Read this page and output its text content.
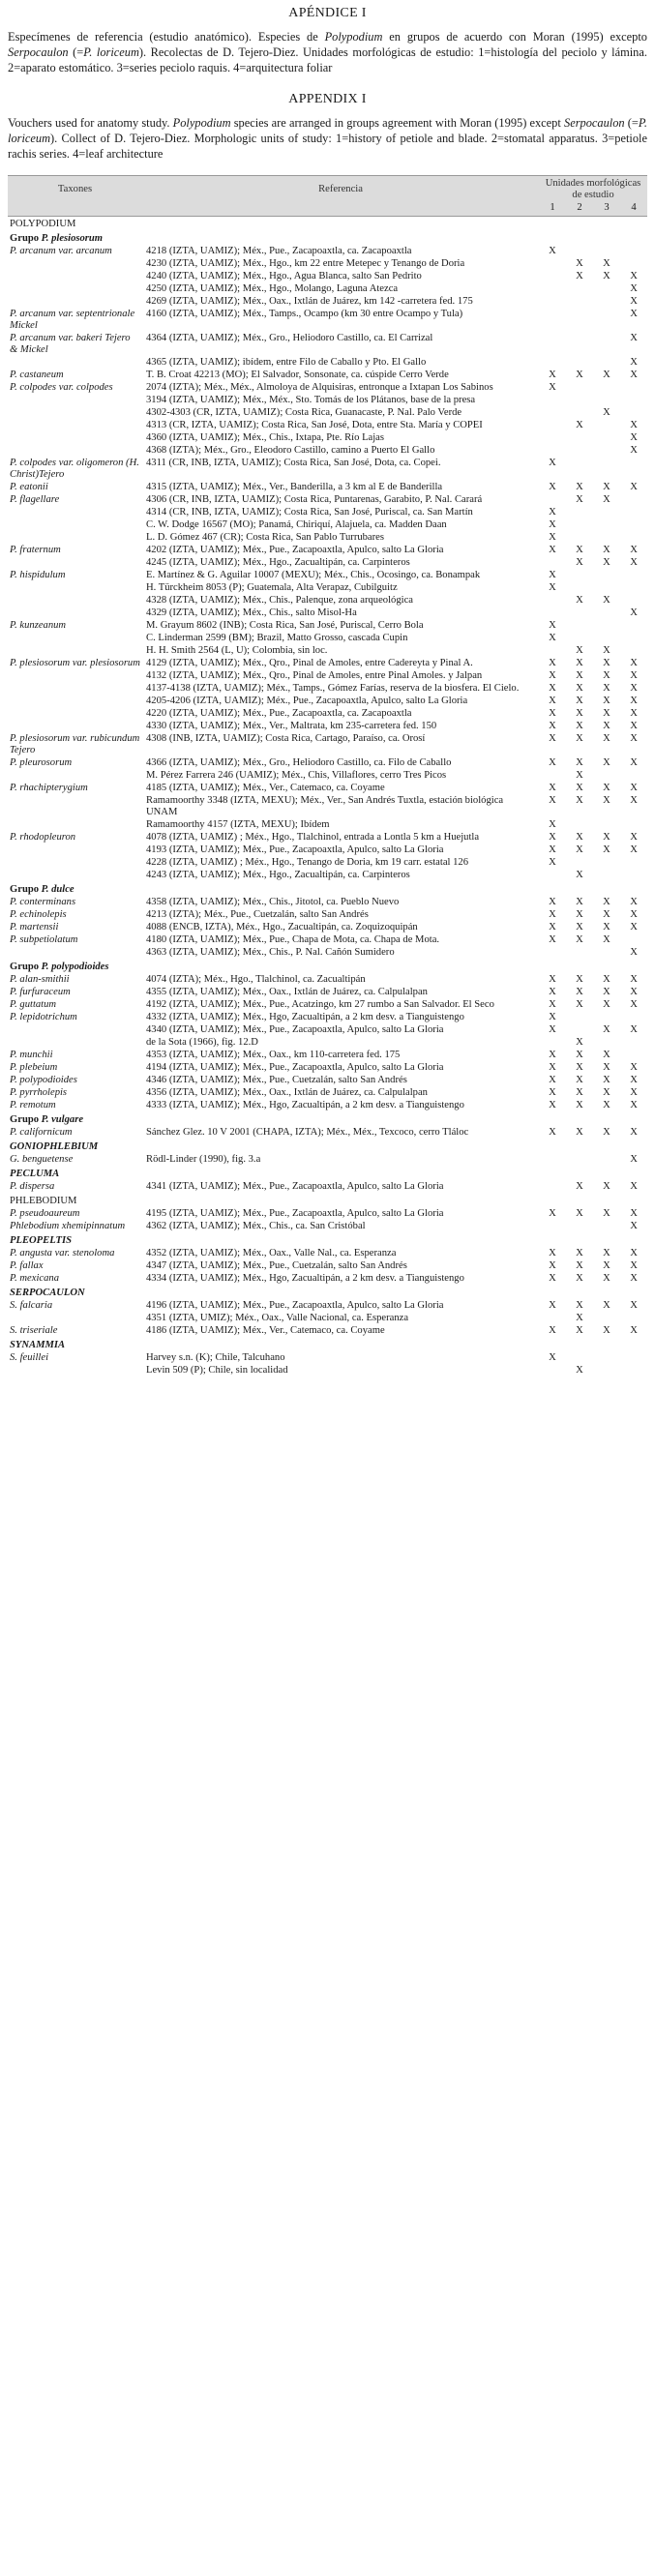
APÉNDICE I

Especímenes de referencia (estudio anatómico). Especies de Polypodium en grupos de acuerdo con Moran (1995) excepto Serpocaulon (=P. loriceum). Recolectas de D. Tejero-Diez. Unidades morfológicas de estudio: 1=histología del peciolo y lámina. 2=aparato estomático. 3=series peciolo raquis. 4=arquitectura foliar

APPENDIX I

Vouchers used for anatomy study. Polypodium species are arranged in groups agreement with Moran (1995) except Serpocaulon (=P. loriceum). Collect of D. Tejero-Diez. Morphologic units of study: 1=history of petiole and blade. 2=stomatal apparatus. 3=petiole rachis series. 4=leaf architecture

Taxones	Referencia	Unidades morfológicas de estudio			
		1	2	3	4
POLYPODIUM					
Grupo P. plesiosorum					
P. arcanum var. arcanum	4218 (IZTA, UAMIZ); Méx., Pue., Zacapoaxtla, ca. Zacapoaxtla	X			
	4230 (IZTA, UAMIZ); Méx., Hgo., km 22 entre Metepec y Tenango de Doria		X	X	
	4240 (IZTA, UAMIZ); Méx., Hgo., Agua Blanca, salto San Pedrito		X	X	X
	4250 (IZTA, UAMIZ); Méx., Hgo., Molango, Laguna Atezca				X
	4269 (IZTA, UAMIZ); Méx., Oax., Ixtlán de Juárez, km 142 -carretera fed. 175				X
P. arcanum var. septentrionale Mickel	4160 (IZTA, UAMIZ); Méx., Tamps., Ocampo (km 30 entre Ocampo y Tula)				X
P. arcanum var. bakeri Tejero & Mickel	4364 (IZTA, UAMIZ); Méx., Gro., Heliodoro Castillo, ca. El Carrizal				X
	4365 (IZTA, UAMIZ); ibídem, entre Filo de Caballo y Pto. El Gallo				X
P. castaneum	T. B. Croat 42213 (MO); El Salvador, Sonsonate, ca. cúspide Cerro Verde	X	X	X	X
P. colpodes var. colpodes	2074 (IZTA); Méx., Méx., Almoloya de Alquisiras, entronque a Ixtapan Los Sabinos	X			
	3194 (IZTA, UAMIZ); Méx., Méx., Sto. Tomás de los Plátanos, base de la presa				
	4302-4303 (CR, IZTA, UAMIZ); Costa Rica, Guanacaste, P. Nal. Palo Verde			X	
	4313 (CR, IZTA, UAMIZ); Costa Rica, San José, Dota, entre Sta. María y COPEI		X		X
	4360 (IZTA, UAMIZ); Méx., Chis., Ixtapa, Pte. Río Lajas				X
	4368 (IZTA); Méx., Gro., Eleodoro Castillo, camino a Puerto El Gallo				X
P. colpodes var. oligomeron (H. Christ)Tejero	4311 (CR, INB, IZTA, UAMIZ); Costa Rica, San José, Dota, ca. Copei.	X			
P. eatonii	4315 (IZTA, UAMIZ); Méx., Ver., Banderilla, a 3 km al E de Banderilla	X	X	X	X
P. flagellare	4306 (CR, INB, IZTA, UAMIZ); Costa Rica, Puntarenas, Garabito, P. Nal. Carará		X	X	
	4314 (CR, INB, IZTA, UAMIZ); Costa Rica, San José, Puriscal, ca. San Martín	X			
	C. W. Dodge 16567 (MO); Panamá, Chiriquí, Alajuela, ca. Madden Daan	X			
	L. D. Gómez 467 (CR); Costa Rica, San Pablo Turrubares	X			
P. fraternum	4202 (IZTA, UAMIZ); Méx., Pue., Zacapoaxtla, Apulco, salto La Gloria	X	X	X	X
	4245 (IZTA, UAMIZ); Méx., Hgo., Zacualtipán, ca. Carpinteros		X	X	X
P. hispidulum	E. Martínez & G. Aguilar 10007 (MEXU); Méx., Chis., Ocosingo, ca. Bonampak	X			
	H. Türckheim 8053 (P); Guatemala, Alta Verapaz, Cubilguitz	X			
	4328 (IZTA, UAMIZ); Méx., Chis., Palenque, zona arqueológica		X	X	
	4329 (IZTA, UAMIZ); Méx., Chis., salto Misol-Ha				X
P. kunzeanum	M. Grayum 8602 (INB); Costa Rica, San José, Puriscal, Cerro Bola	X			
	C. Linderman 2599 (BM); Brazil, Matto Grosso, cascada Cupin	X			
	H. H. Smith 2564 (L, U); Colombia, sin loc.		X	X	
P. plesiosorum var. plesiosorum	4129 (IZTA, UAMIZ); Méx., Qro., Pinal de Amoles, entre Cadereyta y Pinal A.	X	X	X	X
	4132 (IZTA, UAMIZ); Méx., Qro., Pinal de Amoles, entre Pinal Amoles. y Jalpan	X	X	X	X
	4137-4138 (IZTA, UAMIZ); Méx., Tamps., Gómez Farías, reserva de la biosfera. El Cielo.	X	X	X	X
	4205-4206 (IZTA, UAMIZ); Méx., Pue., Zacapoaxtla, Apulco, salto La Gloria	X	X	X	X
	4220 (IZTA, UAMIZ); Méx., Pue., Zacapoaxtla, ca. Zacapoaxtla	X	X	X	X
	4330 (IZTA, UAMIZ); Méx., Ver., Maltrata, km 235-carretera fed. 150	X	X	X	X
P. plesiosorum var. rubicundum Tejero	4308 (INB, IZTA, UAMIZ); Costa Rica, Cartago, Paraíso, ca. Orosí	X	X	X	X
P. pleurosorum	4366 (IZTA, UAMIZ); Méx., Gro., Heliodoro Castillo, ca. Filo de Caballo	X	X	X	X
	M. Pérez Farrera 246 (UAMIZ); Méx., Chis, Villaflores, cerro Tres Picos		X		
P. rhachipterygium	4185 (IZTA, UAMIZ); Méx., Ver., Catemaco, ca. Coyame	X	X	X	X
	Ramamoorthy 3348 (IZTA, MEXU); Méx., Ver., San Andrés Tuxtla, estación biológica UNAM	X	X	X	X
	Ramamoorthy 4157 (IZTA, MEXU); Ibídem	X			
P. rhodopleuron	4078 (IZTA, UAMIZ) ; Méx., Hgo., Tlalchinol, entrada a Lontla 5 km a Huejutla	X	X	X	X
	4193 (IZTA, UAMIZ); Méx., Pue., Zacapoaxtla, Apulco, salto La Gloria	X	X	X	X
	4228 (IZTA, UAMIZ) ; Méx., Hgo., Tenango de Doria, km 19 carr. estatal 126	X			
	4243 (IZTA, UAMIZ); Méx., Hgo., Zacualtipán, ca. Carpinteros		X		
Grupo P. dulce					
P. conterminans	4358 (IZTA, UAMIZ); Méx., Chis., Jitotol, ca. Pueblo Nuevo	X	X	X	X
P. echinolepis	4213 (IZTA); Méx., Pue., Cuetzalán, salto San Andrés	X	X	X	X
P. martensii	4088 (ENCB, IZTA), Méx., Hgo., Zacualtipán, ca. Zoquizoquipán	X	X	X	X
P. subpetiolatum	4180 (IZTA, UAMIZ); Méx., Pue., Chapa de Mota, ca. Chapa de Mota.	X	X	X	
	4363 (IZTA, UAMIZ); Méx., Chis., P. Nal. Cañón Sumidero				X
Grupo P. polypodioides					
P. alan-smithii	4074 (IZTA); Méx., Hgo., Tlalchinol, ca. Zacualtipán	X	X	X	X
P. furfuraceum	4355 (IZTA, UAMIZ); Méx., Oax., Ixtlán de Juárez, ca. Calpulalpan	X	X	X	X
P. guttatum	4192 (IZTA, UAMIZ); Méx., Pue., Acatzingo, km 27 rumbo a San Salvador. El Seco	X	X	X	X
P. lepidotrichum	4332 (IZTA, UAMIZ); Méx., Hgo, Zacualtipán, a 2 km desv. a Tianguistengo	X			
	4340 (IZTA, UAMIZ); Méx., Pue., Zacapoaxtla, Apulco, salto La Gloria	X		X	X
	de la Sota (1966), fig. 12.D		X		
P. munchii	4353 (IZTA, UAMIZ); Méx., Oax., km 110-carretera fed. 175	X	X	X	
P. plebeium	4194 (IZTA, UAMIZ); Méx., Pue., Zacapoaxtla, Apulco, salto La Gloria	X	X	X	X
P. polypodioides	4346 (IZTA, UAMIZ); Méx., Pue., Cuetzalán, salto San Andrés	X	X	X	X
P. pyrrholepis	4356 (IZTA, UAMIZ); Méx., Oax., Ixtlán de Juárez, ca. Calpulalpan	X	X	X	X
P. remotum	4333 (IZTA, UAMIZ); Méx., Hgo, Zacualtipán, a 2 km desv. a Tianguistengo	X	X	X	X
Grupo P. vulgare					
P. californicum	Sánchez Glez. 10 V 2001 (CHAPA, IZTA); Méx., Méx., Texcoco, cerro Tláloc	X	X	X	X
GONIOPHLEBIUM					
G. benguetense	Rödl-Linder (1990), fig. 3.a				X
PECLUMA					
P. dispersa	4341 (IZTA, UAMIZ); Méx., Pue., Zacapoaxtla, Apulco, salto La Gloria		X	X	X
PHLEBODIUM					
P. pseudoaureum	4195 (IZTA, UAMIZ); Méx., Pue., Zacapoaxtla, Apulco, salto La Gloria	X	X	X	X
Phlebodium xhemipinnatum	4362 (IZTA, UAMIZ); Méx., Chis., ca. San Cristóbal				X
PLEOPELTIS					
P. angusta var. stenoloma	4352 (IZTA, UAMIZ); Méx., Oax., Valle Nal., ca. Esperanza	X	X	X	X
P. fallax	4347 (IZTA, UAMIZ); Méx., Pue., Cuetzalán, salto San Andrés	X	X	X	X
P. mexicana	4334 (IZTA, UAMIZ); Méx., Hgo, Zacualtipán, a 2 km desv. a Tianguistengo	X	X	X	X
SERPOCAULON					
S. falcaria	4196 (IZTA, UAMIZ); Méx., Pue., Zacapoaxtla, Apulco, salto La Gloria	X	X	X	X
	4351 (IZTA, UMIZ); Méx., Oax., Valle Nacional, ca. Esperanza		X		
S. triseriale	4186 (IZTA, UAMIZ); Méx., Ver., Catemaco, ca. Coyame	X	X	X	X
SYNAMMIA					
S. feuillei	Harvey s.n. (K); Chile, Talcuhano	X			
	Levin 509 (P); Chile, sin localidad		X		
